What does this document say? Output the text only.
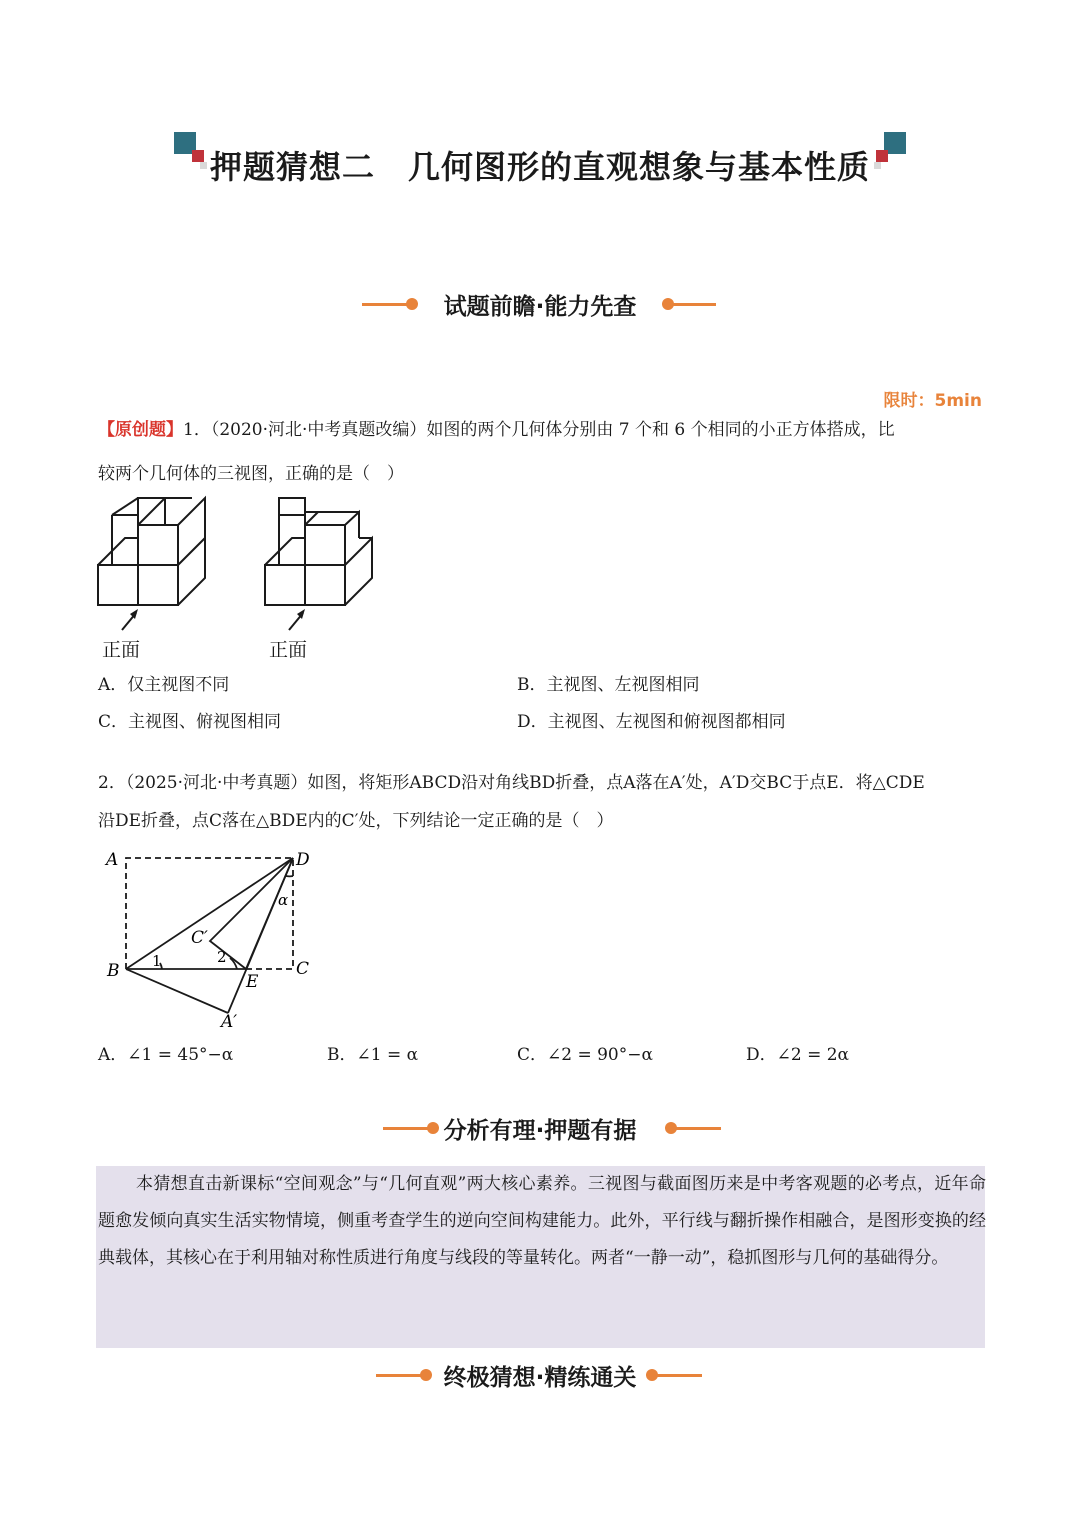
押题猜想二　几何图形的直观想象与基本性质
试题前瞻·能力先查
限时：5min
【原创题】1．（2020·河北·中考真题改编）如图的两个几何体分别由 7 个和 6 个相同的小正方体搭成，比
较两个几何体的三视图，正确的是（　）
正面	正面
A．仅主视图不同	B．主视图、左视图相同
C．主视图、俯视图相同	D．主视图、左视图和俯视图都相同
2．（2025·河北·中考真题）如图，将矩形ABCD沿对角线BD折叠，点A落在A′处，A′D交BC于点E．将△CDE
沿DE折叠，点C落在△BDE内的C′处，下列结论一定正确的是（　）
A	D
B	C
E
A′
C′
1	2
α
A．∠1 = 45°−α	B．∠1 = α	C．∠2 = 90°−α	D．∠2 = 2α
分析有理·押题有据
本猜想直击新课标“空间观念”与“几何直观”两大核心素养。三视图与截面图历来是中考客观题的必考点，近年命题愈发倾向真实生活实物情境，侧重考查学生的逆向空间构建能力。此外，平行线与翻折操作相融合，是图形变换的经典载体，其核心在于利用轴对称性质进行角度与线段的等量转化。两者“一静一动”，稳抓图形与几何的基础得分。
终极猜想·精练通关
